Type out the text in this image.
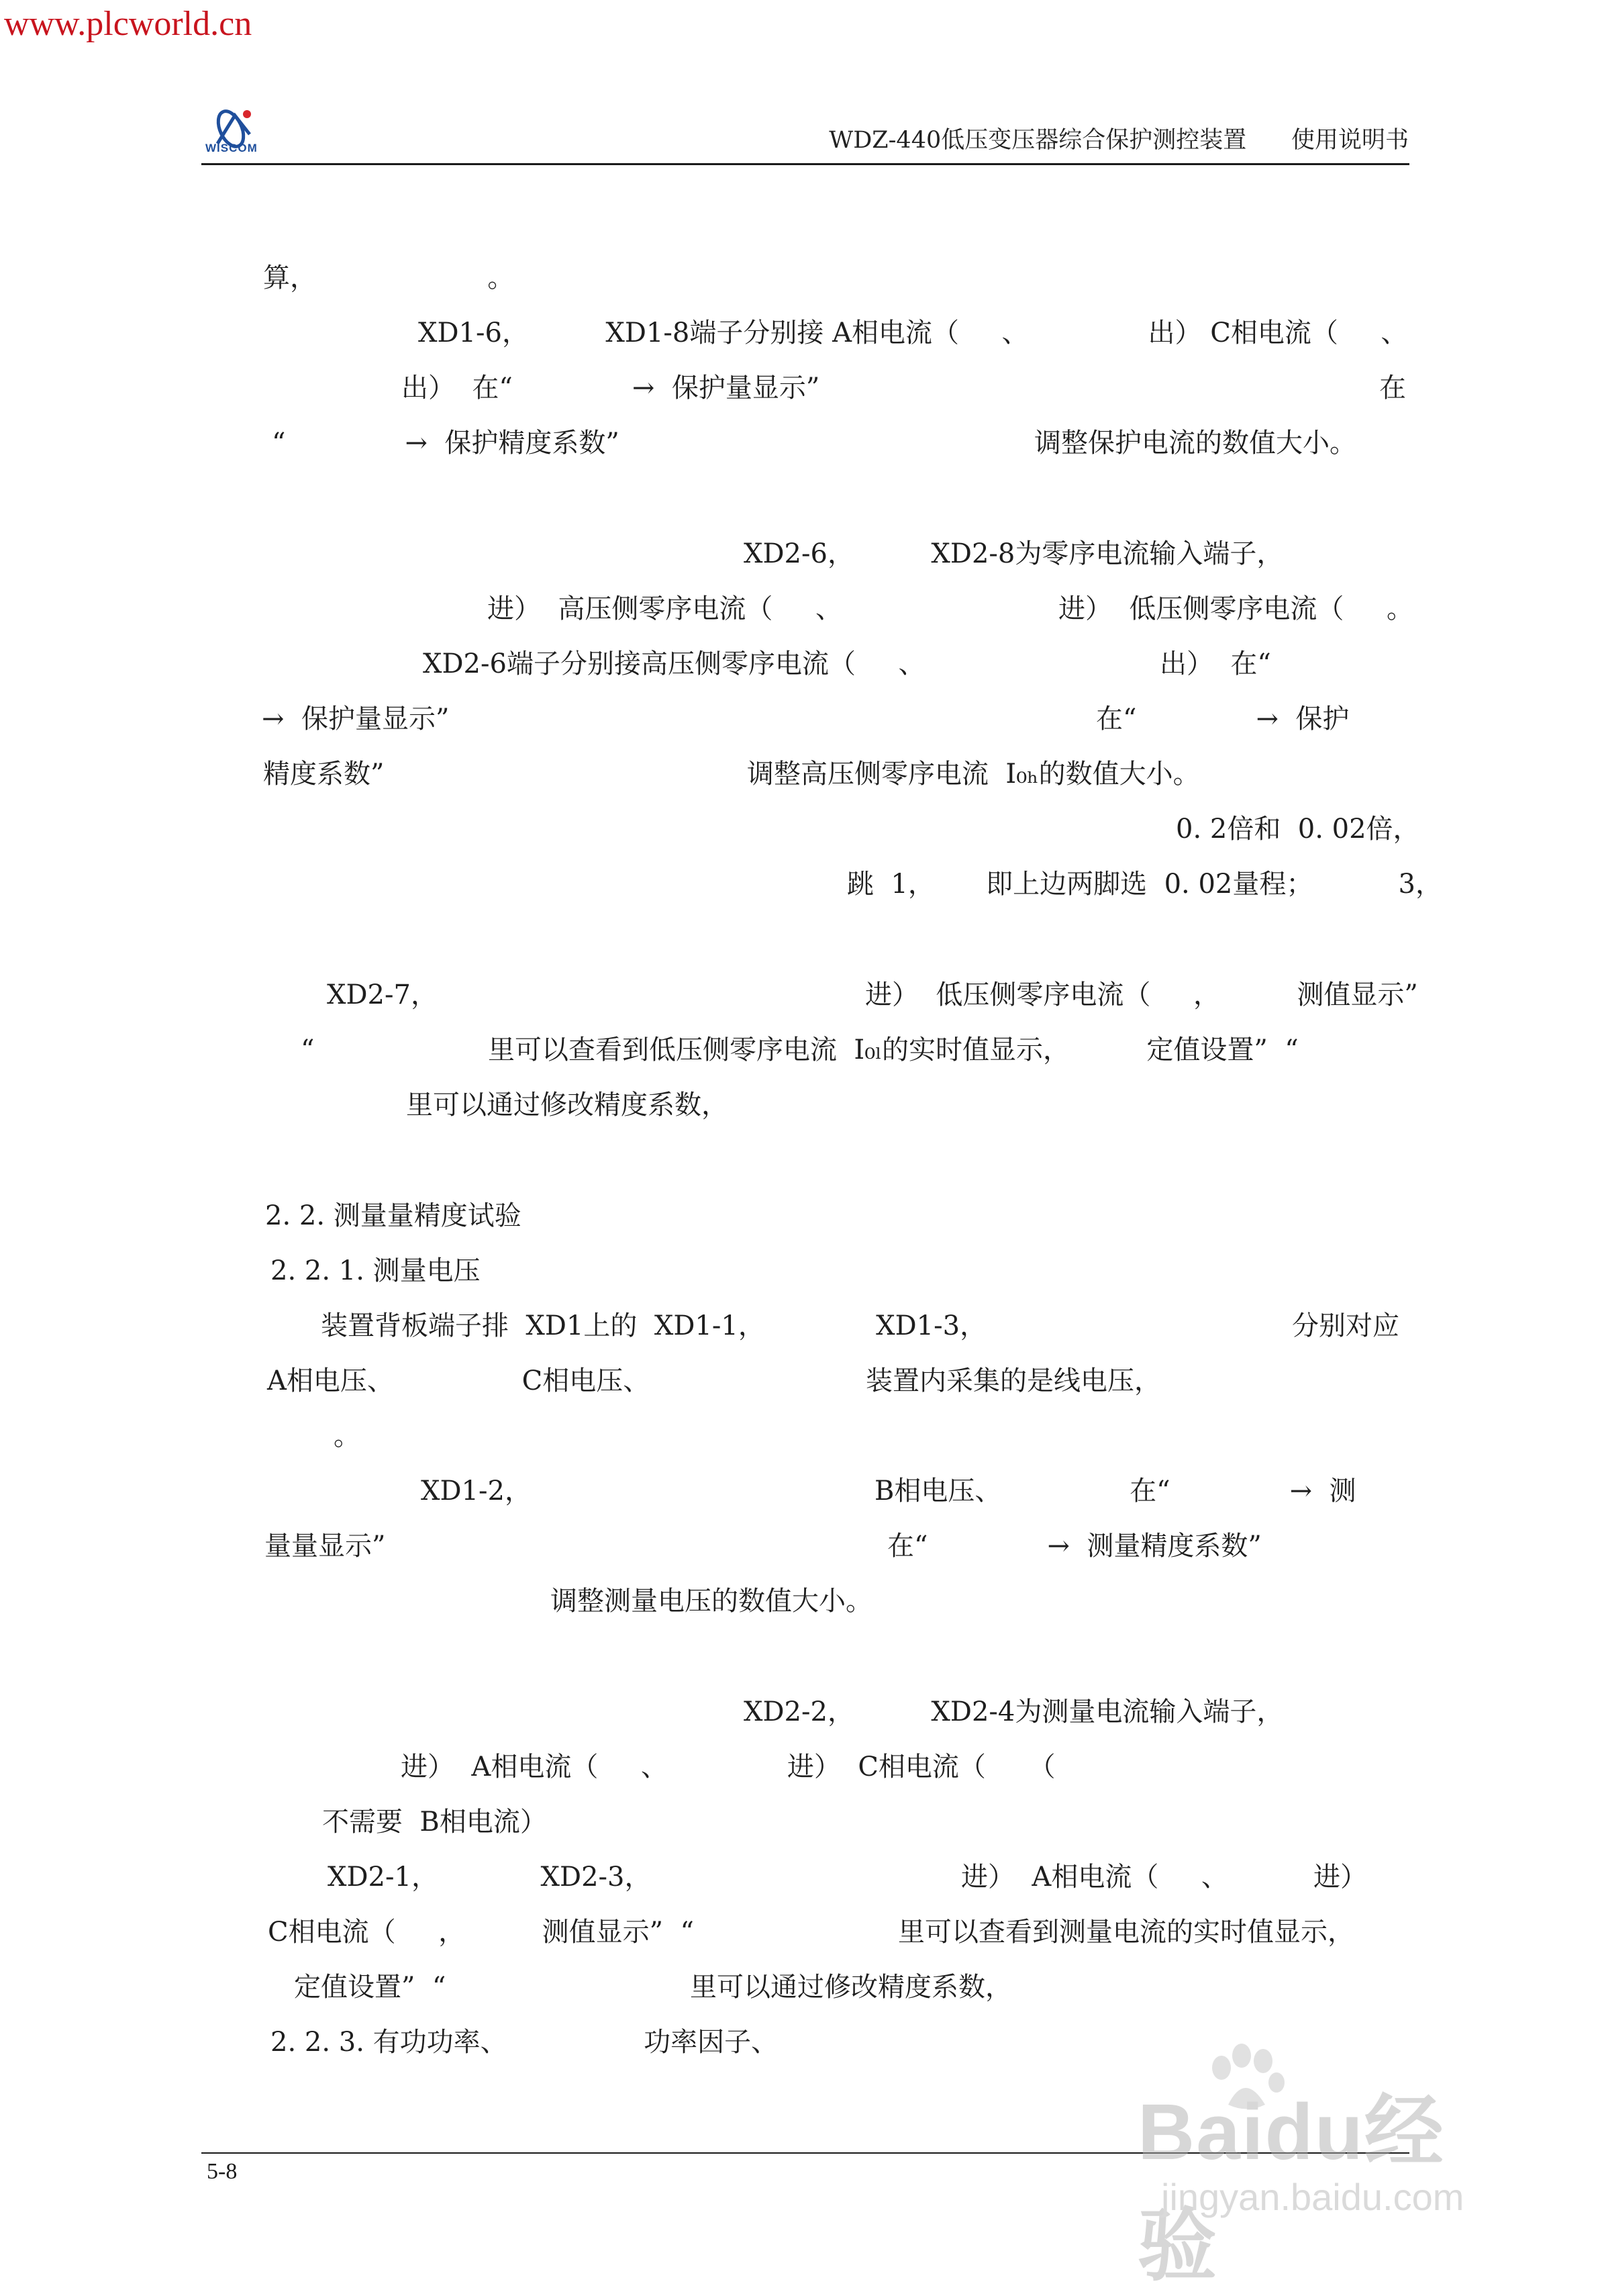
www.plcworld.cn

WISCOM	WDZ-440低压变压器综合保护测控装置      使用说明书
算，                    。
XD1-6，         XD1-8端子分别接 A相电流（     、              出） C相电流（     、
出）  在“              →  保护量显示”	在
“              →  保护精度系数”	调整保护电流的数值大小。
XD2-6，         XD2-8为零序电流输入端子，
进）  高压侧零序电流（     、	进）  低压侧零序电流（     。
XD2-6端子分别接高压侧零序电流（     、	出）  在“
→  保护量显示”	在“              →  保护
精度系数”	调整高压侧零序电流  I₀ₕ的数值大小。
0. 2倍和  0. 02倍，
跳  1，      即上边两脚选  0. 02量程；          3，
XD2-7，	进）  低压侧零序电流（     ，         测值显示”
“	里可以查看到低压侧零序电流  I₀ₗ的实时值显示，         定值设置”  “
里可以通过修改精度系数，
2. 2. 测量量精度试验
2. 2. 1. 测量电压
装置背板端子排  XD1上的  XD1-1，             XD1-3，	分别对应
A相电压、               C相电压、	装置内采集的是线电压，
。
XD1-2，	B相电压、               在“              →  测
量量显示”	在“              →  测量精度系数”
调整测量电压的数值大小。
XD2-2，         XD2-4为测量电流输入端子，
进）  A相电流（     、              进）  C相电流（     （
不需要  B相电流）
XD2-1，            XD2-3，	进）  A相电流（     、          进）
C相电流（     ，         测值显示”  “	里可以查看到测量电流的实时值显示，
定值设置”  “	里可以通过修改精度系数，
2. 2. 3. 有功功率、                功率因子、
5-8	Baidu经验
jingyan.baidu.com
